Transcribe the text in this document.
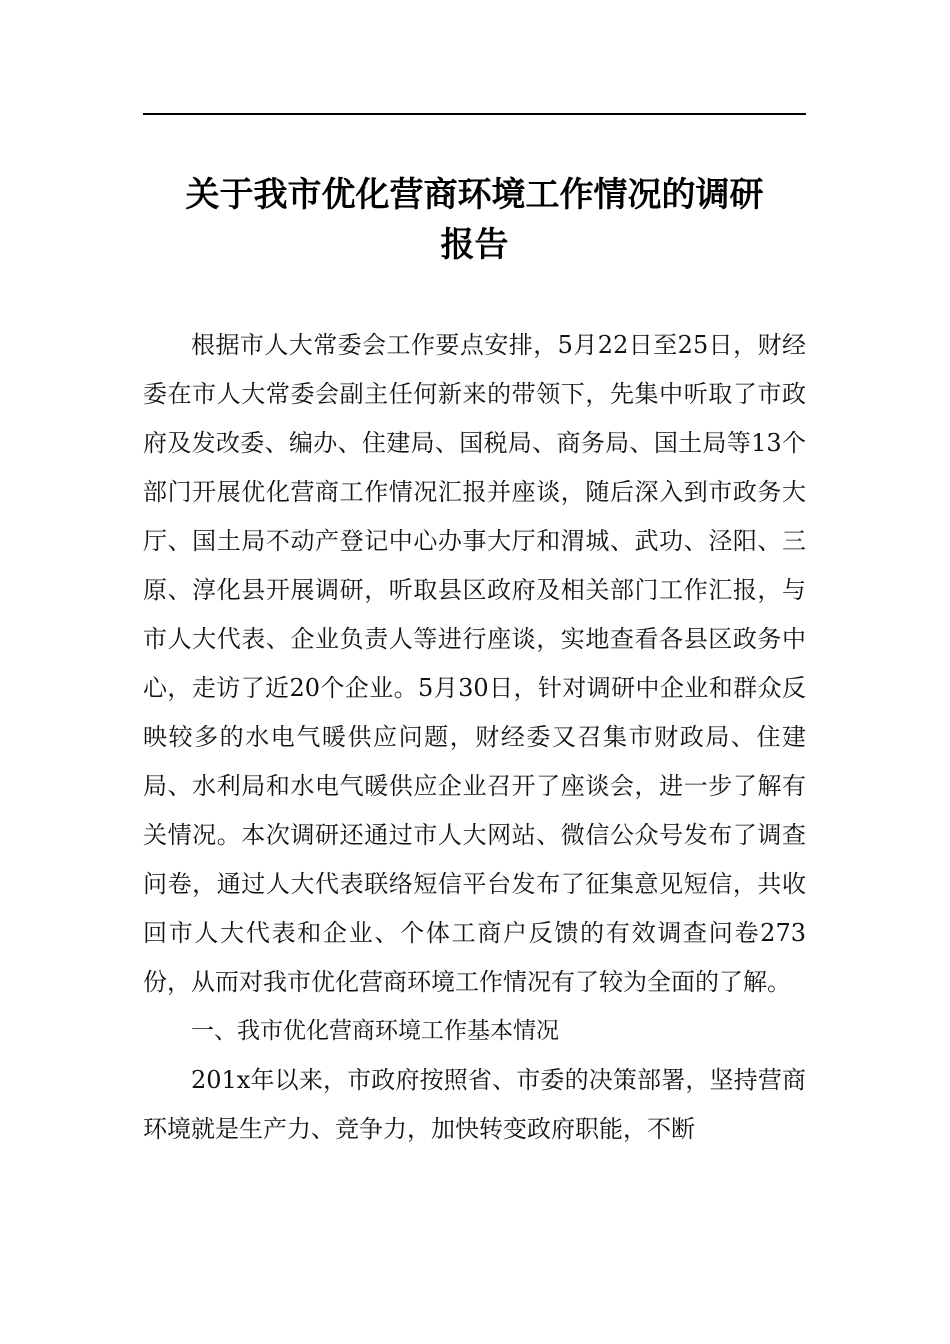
关于我市优化营商环境工作情况的调研
报告

根据市人大常委会工作要点安排，5月22日至25日，财经委在市人大常委会副主任何新来的带领下，先集中听取了市政府及发改委、编办、住建局、国税局、商务局、国土局等13个部门开展优化营商工作情况汇报并座谈，随后深入到市政务大厅、国土局不动产登记中心办事大厅和渭城、武功、泾阳、三原、淳化县开展调研，听取县区政府及相关部门工作汇报，与市人大代表、企业负责人等进行座谈，实地查看各县区政务中心，走访了近20个企业。5月30日，针对调研中企业和群众反映较多的水电气暖供应问题，财经委又召集市财政局、住建局、水利局和水电气暖供应企业召开了座谈会，进一步了解有关情况。本次调研还通过市人大网站、微信公众号发布了调查问卷，通过人大代表联络短信平台发布了征集意见短信，共收回市人大代表和企业、个体工商户反馈的有效调查问卷273份，从而对我市优化营商环境工作情况有了较为全面的了解。

一、我市优化营商环境工作基本情况

201x年以来，市政府按照省、市委的决策部署，坚持营商环境就是生产力、竞争力，加快转变政府职能，不断
